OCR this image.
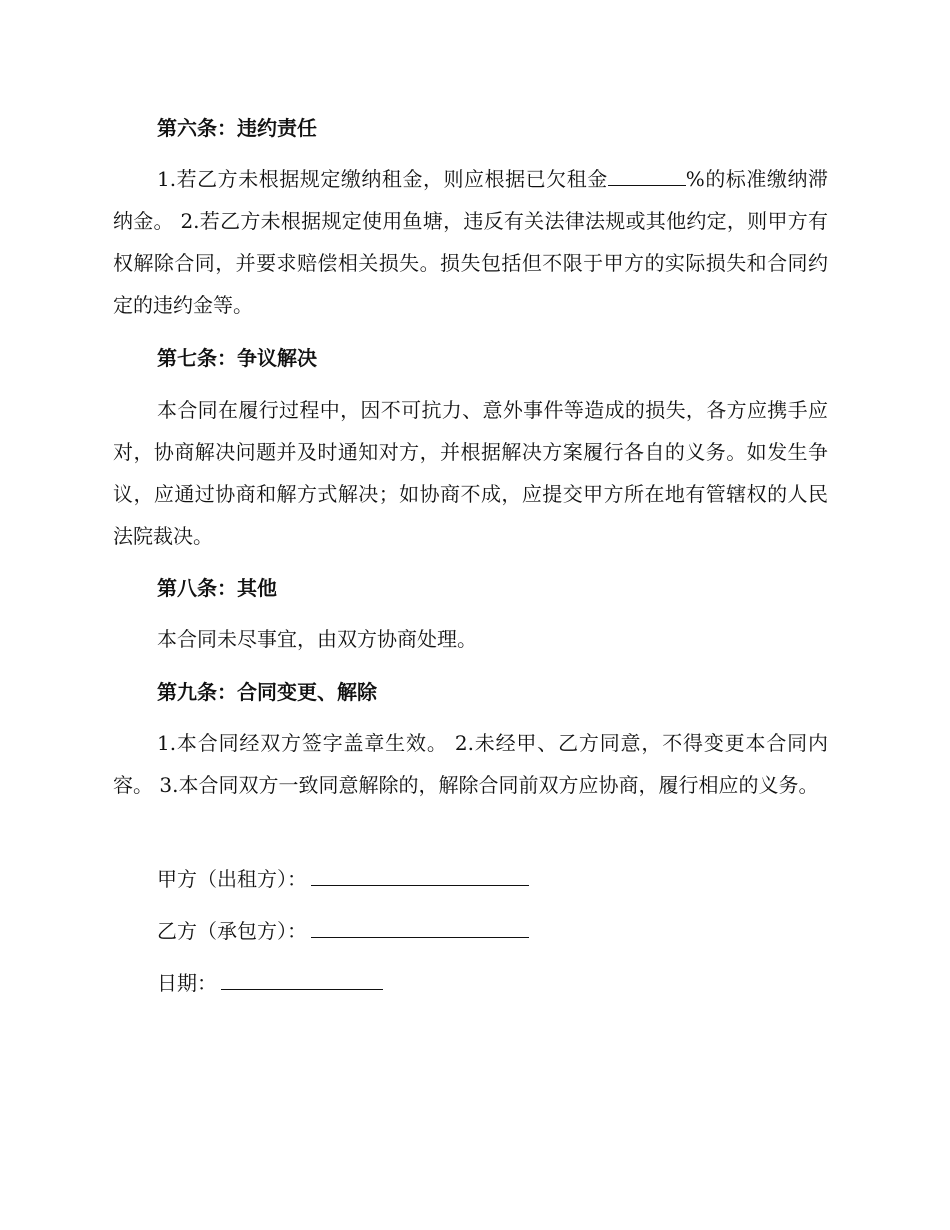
第六条：违约责任

1.若乙方未根据规定缴纳租金，则应根据已欠租金	%的标准缴纳滞纳金。 2.若乙方未根据规定使用鱼塘，违反有关法律法规或其他约定，则甲方有权解除合同，并要求赔偿相关损失。损失包括但不限于甲方的实际损失和合同约定的违约金等。

第七条：争议解决

本合同在履行过程中，因不可抗力、意外事件等造成的损失，各方应携手应对，协商解决问题并及时通知对方，并根据解决方案履行各自的义务。如发生争议，应通过协商和解方式解决；如协商不成，应提交甲方所在地有管辖权的人民法院裁决。

第八条：其他

本合同未尽事宜，由双方协商处理。

第九条：合同变更、解除

1.本合同经双方签字盖章生效。 2.未经甲、乙方同意，不得变更本合同内容。 3.本合同双方一致同意解除的，解除合同前双方应协商，履行相应的义务。

甲方（出租方）：
乙方（承包方）：
日期：
